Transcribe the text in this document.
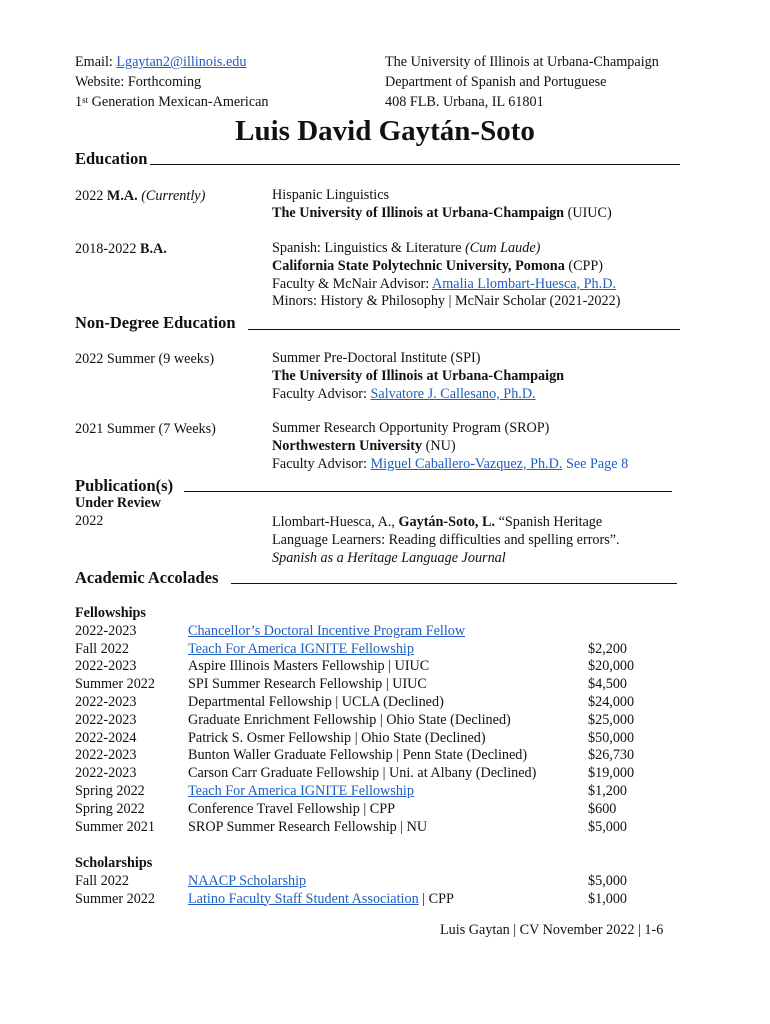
Email: Lgaytan2@illinois.edu
Website: Forthcoming
1st Generation Mexican-American
The University of Illinois at Urbana-Champaign
Department of Spanish and Portuguese
408 FLB. Urbana, IL 61801
Luis David Gaytán-Soto
Education
2022 M.A. (Currently)	Hispanic Linguistics
The University of Illinois at Urbana-Champaign (UIUC)
2018-2022 B.A.	Spanish: Linguistics & Literature (Cum Laude)
California State Polytechnic University, Pomona (CPP)
Faculty & McNair Advisor: Amalia Llombart-Huesca, Ph.D.
Minors: History & Philosophy | McNair Scholar (2021-2022)
Non-Degree Education
2022 Summer (9 weeks)	Summer Pre-Doctoral Institute (SPI)
The University of Illinois at Urbana-Champaign
Faculty Advisor: Salvatore J. Callesano, Ph.D.
2021 Summer (7 Weeks)	Summer Research Opportunity Program (SROP)
Northwestern University (NU)
Faculty Advisor: Miguel Caballero-Vazquez, Ph.D. See Page 8
Publication(s)
Under Review
2022	Llombart-Huesca, A., Gaytán-Soto, L. “Spanish Heritage
Language Learners: Reading difficulties and spelling errors”.
Spanish as a Heritage Language Journal
Academic Accolades
Fellowships
2022-2023	Chancellor’s Doctoral Incentive Program Fellow
Fall 2022	Teach For America IGNITE Fellowship	$2,200
2022-2023	Aspire Illinois Masters Fellowship | UIUC	$20,000
Summer 2022 SPI Summer Research Fellowship | UIUC	$4,500
2022-2023	Departmental Fellowship | UCLA (Declined)	$24,000
2022-2023	Graduate Enrichment Fellowship | Ohio State (Declined)	$25,000
2022-2024	Patrick S. Osmer Fellowship | Ohio State (Declined)	$50,000
2022-2023	Bunton Waller Graduate Fellowship | Penn State (Declined)	$26,730
2022-2023	Carson Carr Graduate Fellowship | Uni. at Albany (Declined)	$19,000
Spring 2022	Teach For America IGNITE Fellowship	$1,200
Spring 2022	Conference Travel Fellowship | CPP	$600
Summer 2021 SROP Summer Research Fellowship | NU	$5,000
Scholarships
Fall 2022	NAACP Scholarship	$5,000
Summer 2022 Latino Faculty Staff Student Association | CPP	$1,000
Luis Gaytan | CV November 2022 | 1-6
